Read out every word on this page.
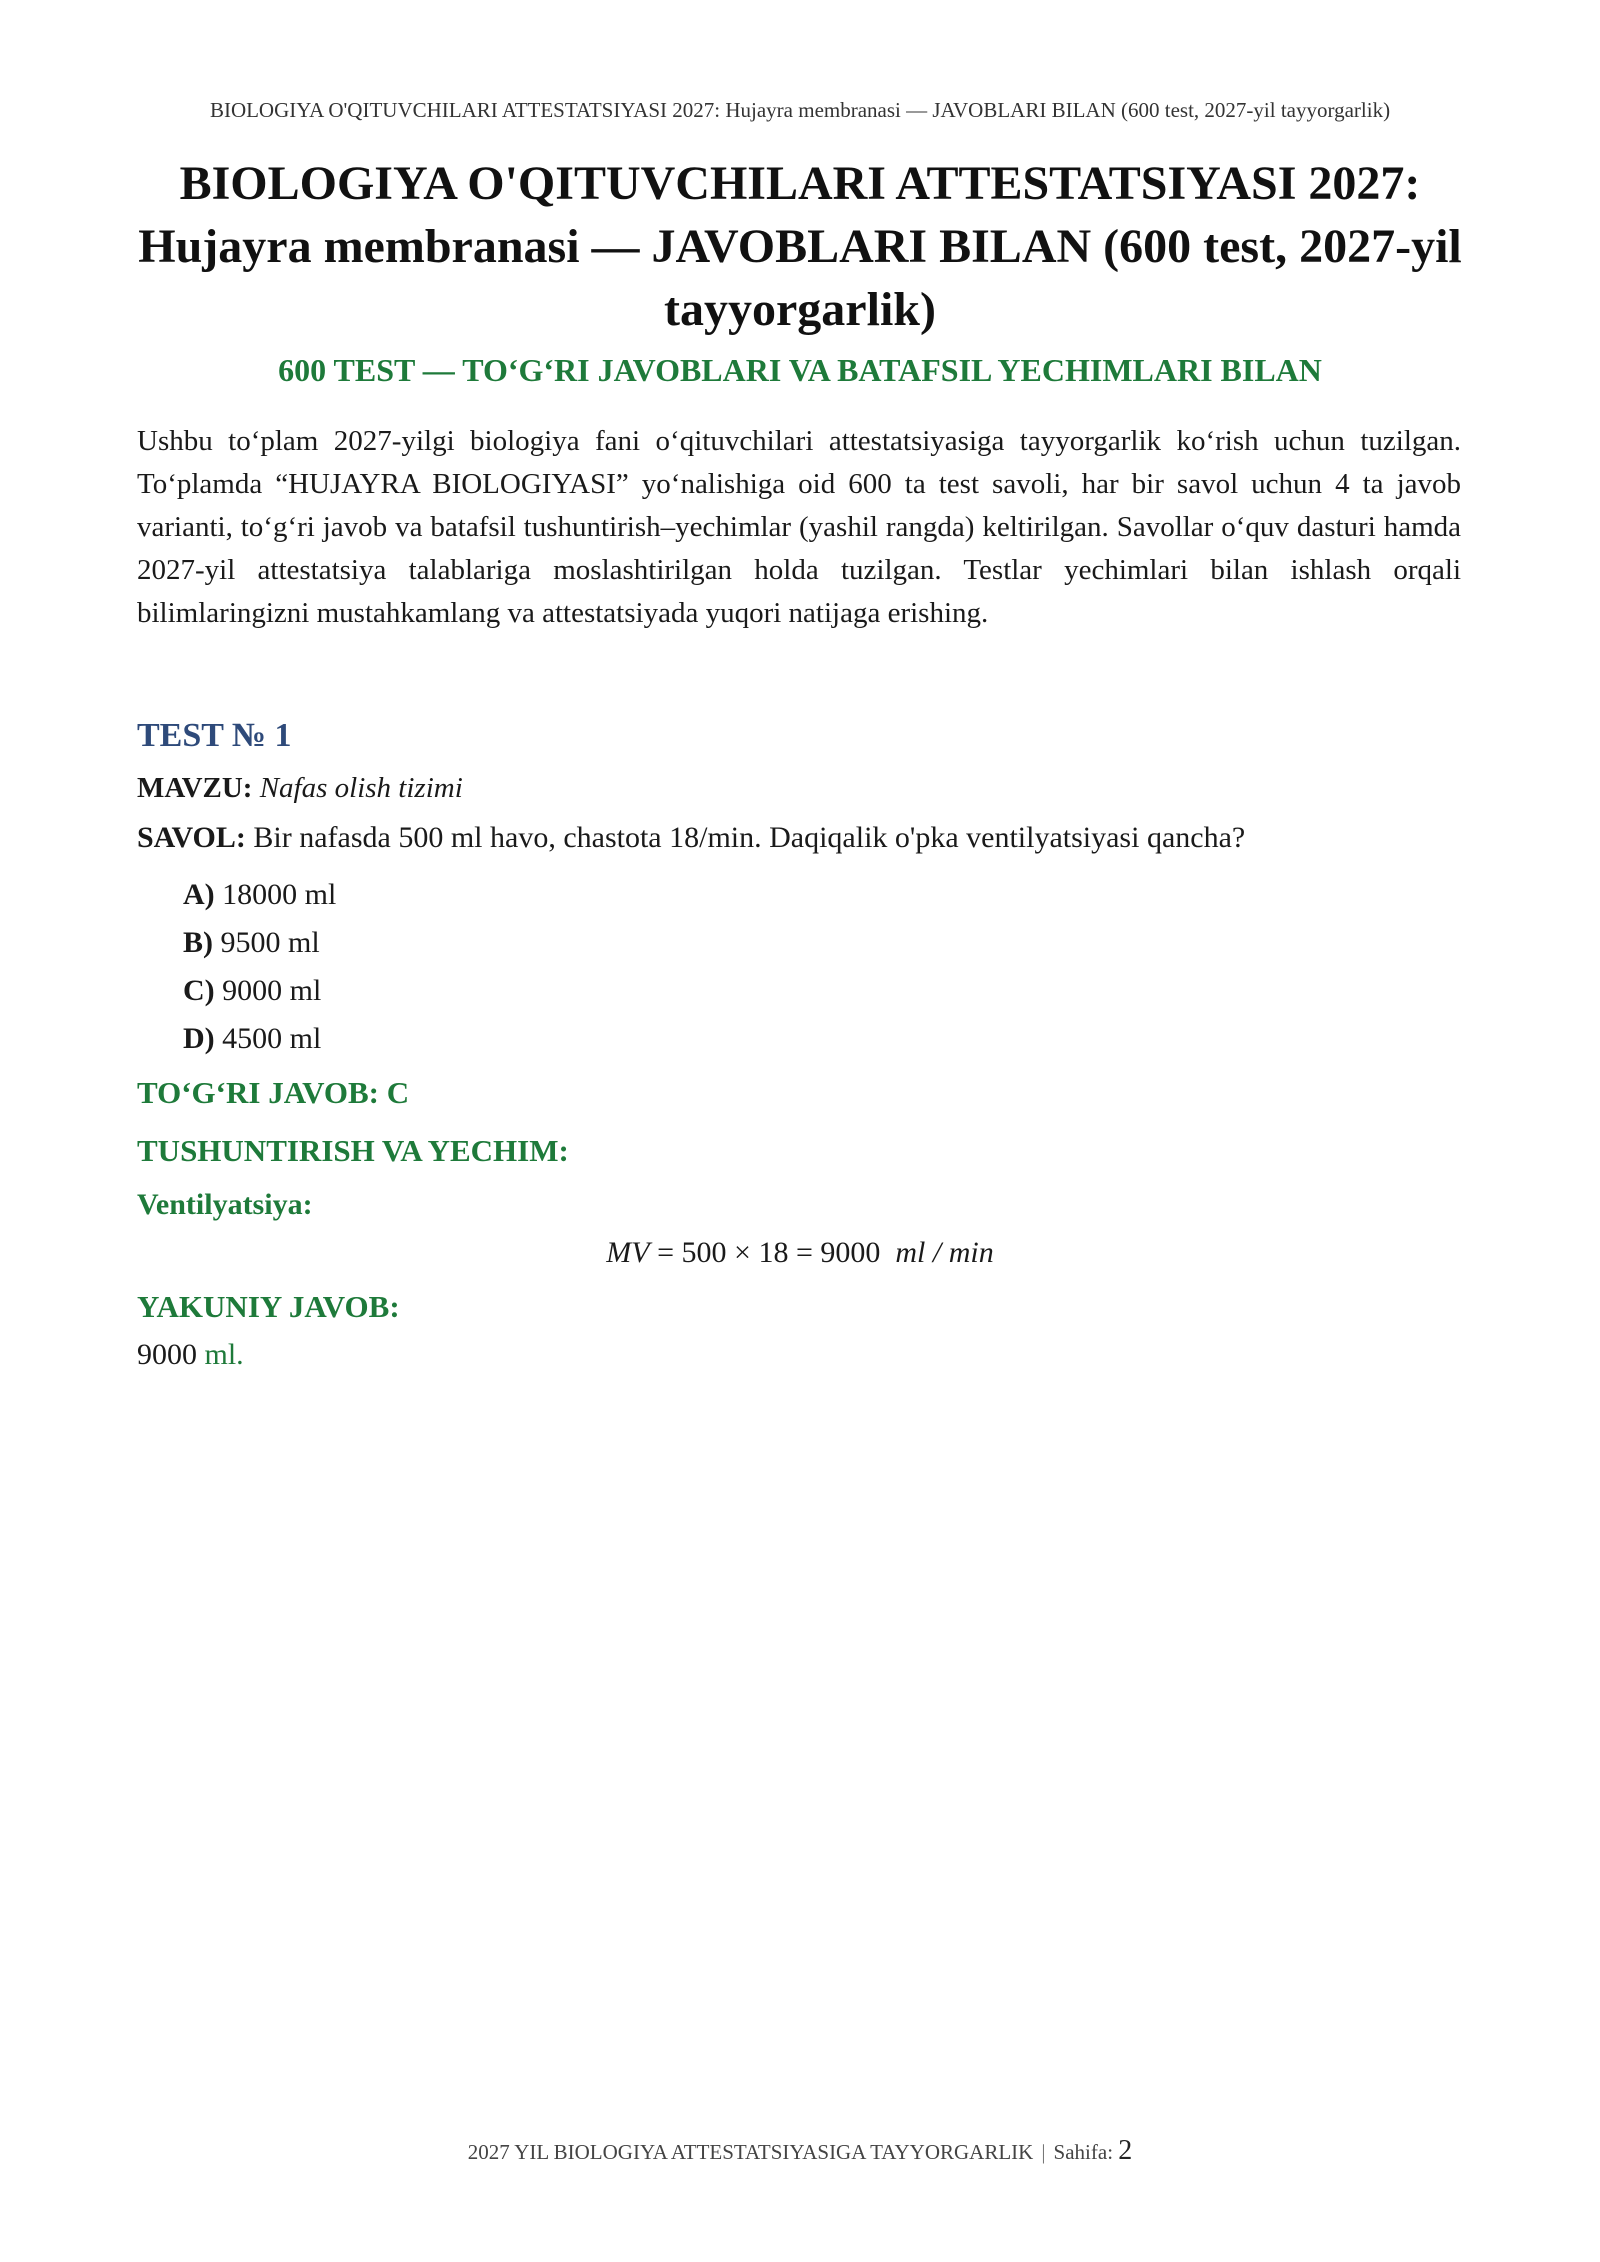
BIOLOGIYA O'QITUVCHILARI ATTESTATSIYASI 2027: Hujayra membranasi — JAVOBLARI BILAN (600 test, 2027-yil tayyorgarlik)
BIOLOGIYA O'QITUVCHILARI ATTESTATSIYASI 2027: Hujayra membranasi — JAVOBLARI BILAN (600 test, 2027-yil tayyorgarlik)
600 TEST — TO‘G‘RI JAVOBLARI VA BATAFSIL YECHIMLARI BILAN

Ushbu to‘plam 2027-yilgi biologiya fani o‘qituvchilari attestatsiyasiga tayyorgarlik ko‘rish uchun tuzilgan. To‘plamda “HUJAYRA BIOLOGIYASI” yo‘nalishiga oid 600 ta test savoli, har bir savol uchun 4 ta javob varianti, to‘g‘ri javob va batafsil tushuntirish–yechimlar (yashil rangda) keltirilgan. Savollar o‘quv dasturi hamda 2027-yil attestatsiya talablariga moslashtirilgan holda tuzilgan. Testlar yechimlari bilan ishlash orqali bilimlaringizni mustahkamlang va attestatsiyada yuqori natijaga erishing.

TEST № 1
MAVZU: Nafas olish tizimi
SAVOL: Bir nafasda 500 ml havo, chastota 18/min. Daqiqalik o'pka ventilyatsiyasi qancha?
A) 18000 ml
B) 9500 ml
C) 9000 ml
D) 4500 ml
TO‘G‘RI JAVOB: C
TUSHUNTIRISH VA YECHIM:
Ventilyatsiya:
MV = 500 × 18 = 9000  ml / min
YAKUNIY JAVOB:
9000 ml.
2027 YIL BIOLOGIYA ATTESTATSIYASIGA TAYYORGARLIK | Sahifa: 2
